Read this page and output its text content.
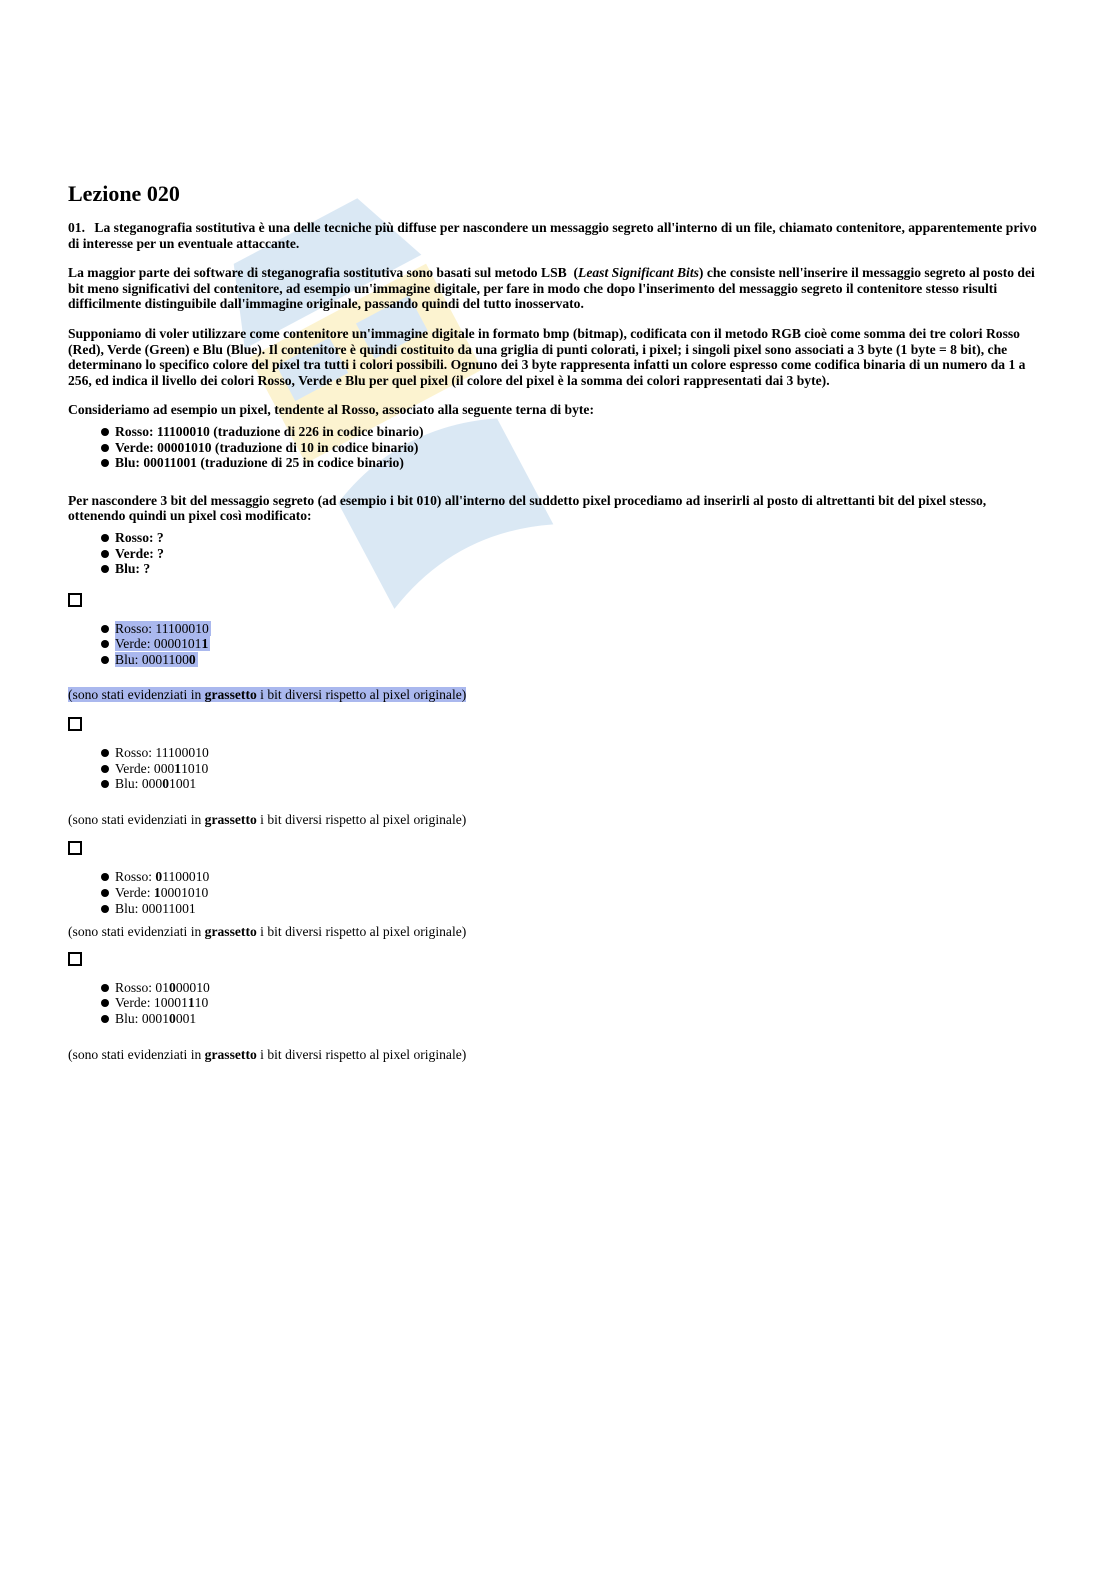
Lezione 020

01. La steganografia sostitutiva è una delle tecniche più diffuse per nascondere un messaggio segreto all'interno di un file, chiamato contenitore, apparentemente privo di interesse per un eventuale attaccante.

La maggior parte dei software di steganografia sostitutiva sono basati sul metodo LSB  (Least Significant Bits) che consiste nell'inserire il messaggio segreto al posto dei bit meno significativi del contenitore, ad esempio un'immagine digitale, per fare in modo che dopo l'inserimento del messaggio segreto il contenitore stesso risulti difficilmente distinguibile dall'immagine originale, passando quindi del tutto inosservato.

Supponiamo di voler utilizzare come contenitore un'immagine digitale in formato bmp (bitmap), codificata con il metodo RGB cioè come somma dei tre colori Rosso (Red), Verde (Green) e Blu (Blue). Il contenitore è quindi costituito da una griglia di punti colorati, i pixel; i singoli pixel sono associati a 3 byte (1 byte = 8 bit), che determinano lo specifico colore del pixel tra tutti i colori possibili. Ognuno dei 3 byte rappresenta infatti un colore espresso come codifica binaria di un numero da 1 a 256, ed indica il livello dei colori Rosso, Verde e Blu per quel pixel (il colore del pixel è la somma dei colori rappresentati dai 3 byte).

Consideriamo ad esempio un pixel, tendente al Rosso, associato alla seguente terna di byte:

Rosso: 11100010 (traduzione di 226 in codice binario)
Verde: 00001010 (traduzione di 10 in codice binario)
Blu: 00011001 (traduzione di 25 in codice binario)

Per nascondere 3 bit del messaggio segreto (ad esempio i bit 010) all'interno del suddetto pixel procediamo ad inserirli al posto di altrettanti bit del pixel stesso, ottenendo quindi un pixel così modificato:

Rosso: ?
Verde: ?
Blu: ?
Rosso: 11100010
Verde: 00001011
Blu: 00011000

(sono stati evidenziati in grassetto i bit diversi rispetto al pixel originale)

Rosso: 11100010
Verde: 00011010
Blu: 00001001

(sono stati evidenziati in grassetto i bit diversi rispetto al pixel originale)

Rosso: 01100010
Verde: 10001010
Blu: 00011001

(sono stati evidenziati in grassetto i bit diversi rispetto al pixel originale)

Rosso: 01000010
Verde: 10001110
Blu: 00010001

(sono stati evidenziati in grassetto i bit diversi rispetto al pixel originale)
